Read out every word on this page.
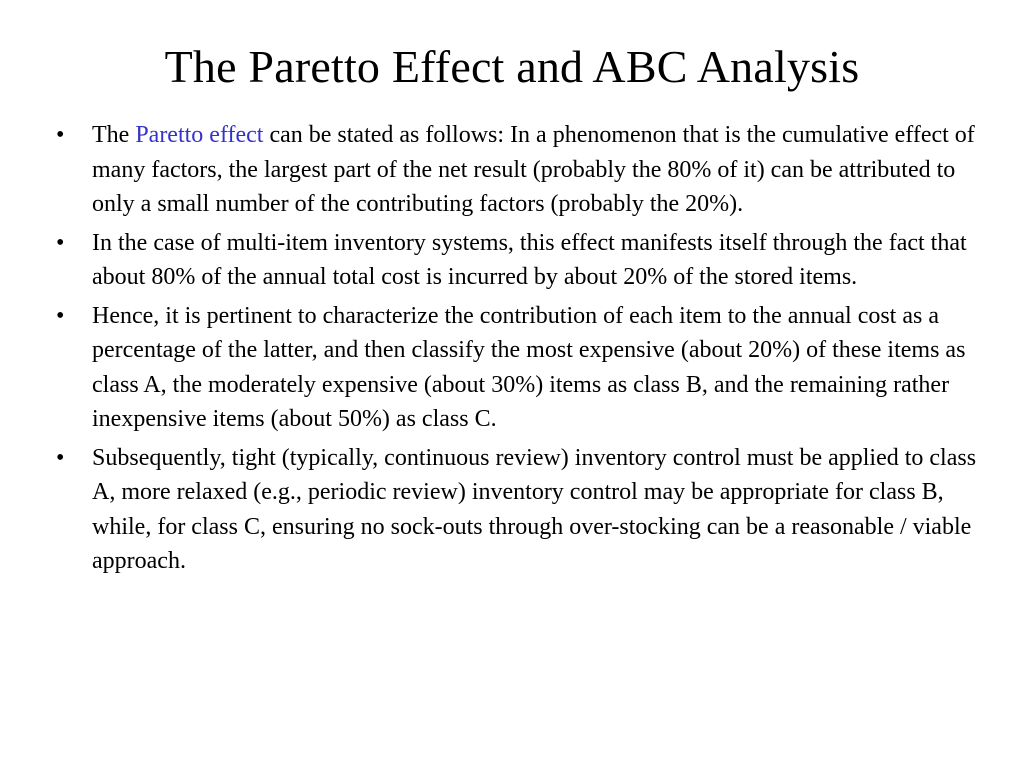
The Paretto Effect and ABC Analysis
•	The Paretto effect can be stated as follows: In a phenomenon that is the cumulative effect of many factors, the largest part of the net result (probably the 80% of it) can be attributed to only a small number of the contributing factors (probably the 20%).
•	In the case of multi-item inventory systems, this effect manifests itself through the fact that about 80% of the annual total cost is incurred by about 20% of the stored items.
•	Hence, it is pertinent to characterize the contribution of each item to the annual cost as a percentage of the latter, and then classify the most expensive (about 20%) of these items as class A, the moderately expensive (about 30%) items as class B, and the remaining rather inexpensive items (about 50%) as class C.
•	Subsequently, tight (typically, continuous review) inventory control must be applied to class A, more relaxed (e.g., periodic review) inventory control may be appropriate for class B, while, for class C, ensuring no sock-outs through over-stocking can be a reasonable / viable approach.
